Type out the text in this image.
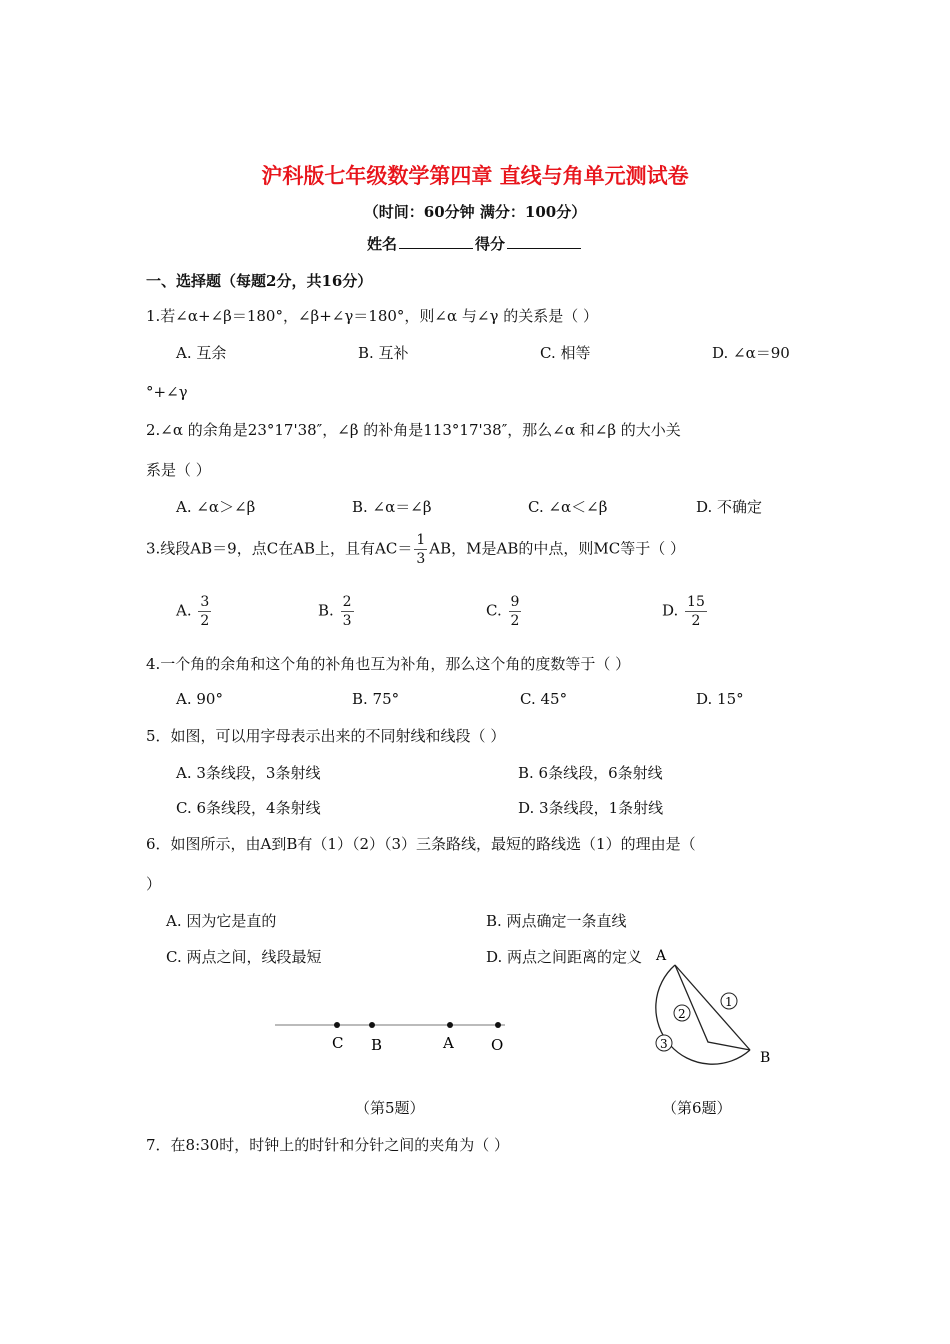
沪科版七年级数学第四章 直线与角单元测试卷
（时间：60分钟 满分：100分）
姓名	得分
一、选择题（每题2分，共16分）
1.若∠α+∠β＝180°，∠β+∠γ＝180°，则∠α 与∠γ 的关系是（ ）
A. 互余	B. 互补	C. 相等	D. ∠α＝90
°+∠γ
2.∠α 的余角是23°17'38″，∠β 的补角是113°17'38″，那么∠α 和∠β 的大小关
系是（ ）
A. ∠α＞∠β	B. ∠α＝∠β	C. ∠α＜∠β	D. 不确定
3.线段AB＝9，点C在AB上，且有$AC= \frac{1}{3}$ AB，M是AB的中点，则MC等于（ ）
A. $\frac{3}{2}$	B. $\frac{2}{3}$	C. $\frac{9}{2}$	D. $\frac{15}{2}$
4.一个角的余角和这个角的补角也互为补角，那么这个角的度数等于（ ）
A. 90°	B. 75°	C. 45°	D. 15°
5．如图，可以用字母表示出来的不同射线和线段（ ）
A. 3条线段，3条射线	B. 6条线段，6条射线
C. 6条线段，4条射线	D. 3条线段，1条射线
6．如图所示，由A到B有（1）（2）（3）三条路线，最短的路线选（1）的理由是（
）
A. 因为它是直的	B. 两点确定一条直线
C. 两点之间，线段最短	D. 两点之间距离的定义
C B	A O
（第5题）
A
B
1
2
3
（第6题）
7．在8:30时，时钟上的时针和分针之间的夹角为（ ）
